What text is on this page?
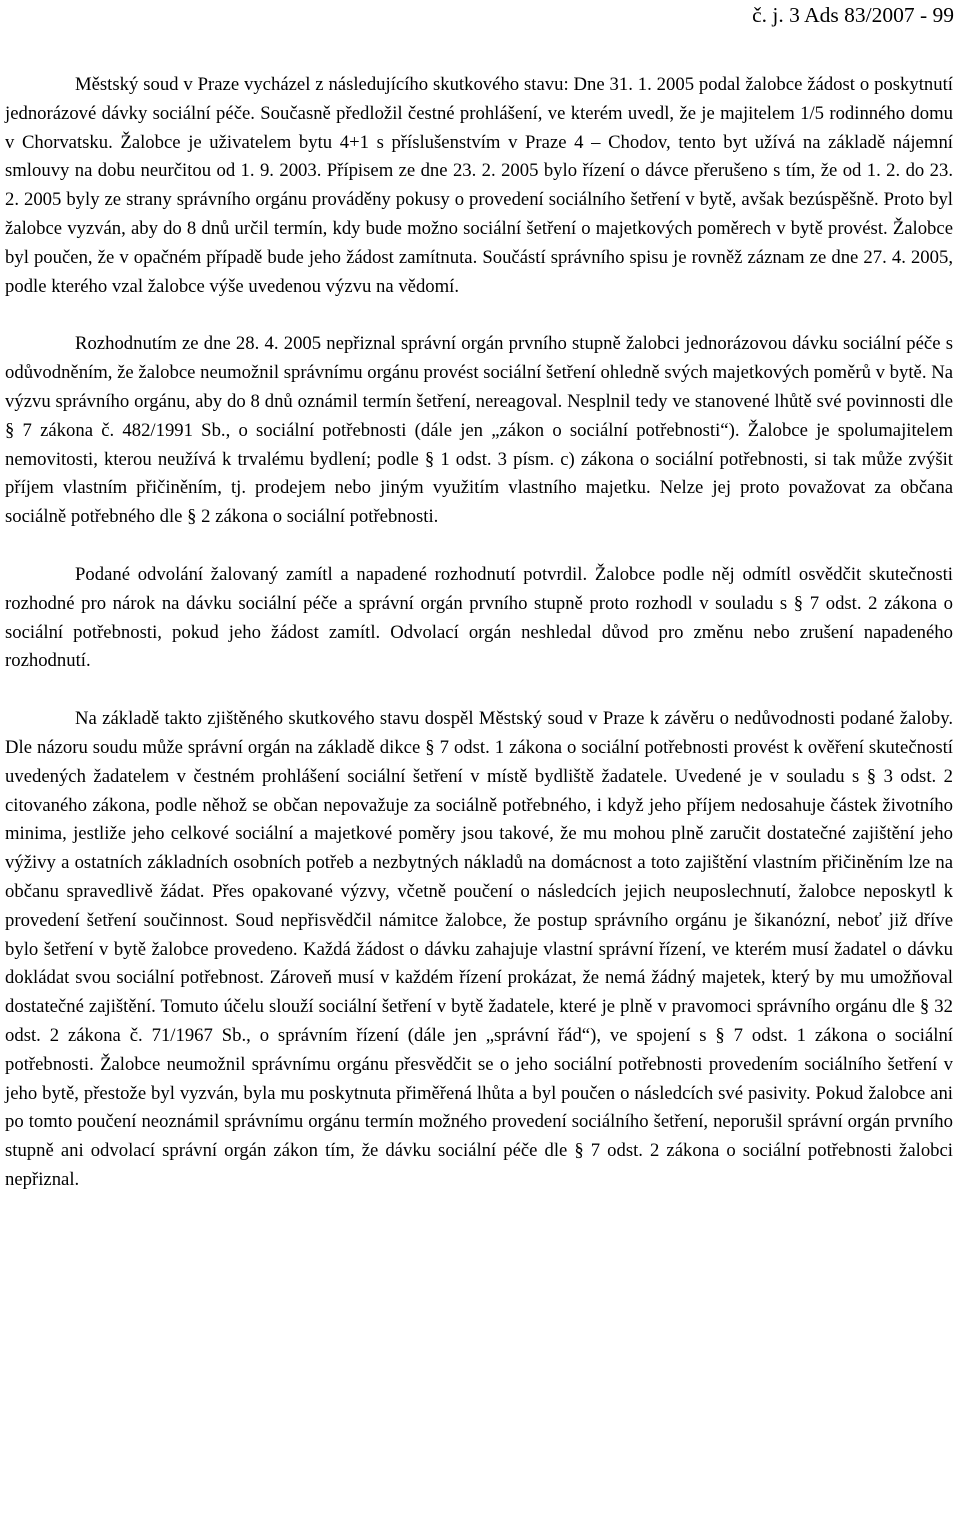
č. j. 3 Ads 83/2007 - 99

Městský soud v Praze vycházel z následujícího skutkového stavu: Dne 31. 1. 2005 podal žalobce žádost o poskytnutí jednorázové dávky sociální péče. Současně předložil čestné prohlášení, ve kterém uvedl, že je majitelem 1/5 rodinného domu v Chorvatsku. Žalobce je uživatelem bytu 4+1 s příslušenstvím v Praze 4 – Chodov, tento byt užívá na základě nájemní smlouvy na dobu neurčitou od 1. 9. 2003. Přípisem ze dne 23. 2. 2005 bylo řízení o dávce přerušeno s tím, že od 1. 2. do 23. 2. 2005 byly ze strany správního orgánu prováděny pokusy o provedení sociálního šetření v bytě, avšak bezúspěšně. Proto byl žalobce vyzván, aby do 8 dnů určil termín, kdy bude možno sociální šetření o majetkových poměrech v bytě provést. Žalobce byl poučen, že v opačném případě bude jeho žádost zamítnuta. Součástí správního spisu je rovněž záznam ze dne 27. 4. 2005, podle kterého vzal žalobce výše uvedenou výzvu na vědomí.

Rozhodnutím ze dne 28. 4. 2005 nepřiznal správní orgán prvního stupně žalobci jednorázovou dávku sociální péče s odůvodněním, že žalobce neumožnil správnímu orgánu provést sociální šetření ohledně svých majetkových poměrů v bytě. Na výzvu správního orgánu, aby do 8 dnů oznámil termín šetření, nereagoval. Nesplnil tedy ve stanovené lhůtě své povinnosti dle § 7 zákona č. 482/1991 Sb., o sociální potřebnosti (dále jen „zákon o sociální potřebnosti“). Žalobce je spolumajitelem nemovitosti, kterou neužívá k trvalému bydlení; podle § 1 odst. 3 písm. c) zákona o sociální potřebnosti, si tak může zvýšit příjem vlastním přičiněním, tj. prodejem nebo jiným využitím vlastního majetku. Nelze jej proto považovat za občana sociálně potřebného dle § 2 zákona o sociální potřebnosti.

Podané odvolání žalovaný zamítl a napadené rozhodnutí potvrdil. Žalobce podle něj odmítl osvědčit skutečnosti rozhodné pro nárok na dávku sociální péče a správní orgán prvního stupně proto rozhodl v souladu s § 7 odst. 2 zákona o sociální potřebnosti, pokud jeho žádost zamítl. Odvolací orgán neshledal důvod pro změnu nebo zrušení napadeného rozhodnutí.

Na základě takto zjištěného skutkového stavu dospěl Městský soud v Praze k závěru o nedůvodnosti podané žaloby. Dle názoru soudu může správní orgán na základě dikce § 7 odst. 1 zákona o sociální potřebnosti provést k ověření skutečností uvedených žadatelem v čestném prohlášení sociální šetření v místě bydliště žadatele. Uvedené je v souladu s § 3 odst. 2 citovaného zákona, podle něhož se občan nepovažuje za sociálně potřebného, i když jeho příjem nedosahuje částek životního minima, jestliže jeho celkové sociální a majetkové poměry jsou takové, že mu mohou plně zaručit dostatečné zajištění jeho výživy a ostatních základních osobních potřeb a nezbytných nákladů na domácnost a toto zajištění vlastním přičiněním lze na občanu spravedlivě žádat. Přes opakované výzvy, včetně poučení o následcích jejich neuposlechnutí, žalobce neposkytl k provedení šetření součinnost. Soud nepřisvědčil námitce žalobce, že postup správního orgánu je šikanózní, neboť již dříve bylo šetření v bytě žalobce provedeno. Každá žádost o dávku zahajuje vlastní správní řízení, ve kterém musí žadatel o dávku dokládat svou sociální potřebnost. Zároveň musí v každém řízení prokázat, že nemá žádný majetek, který by mu umožňoval dostatečné zajištění. Tomuto účelu slouží sociální šetření v bytě žadatele, které je plně v pravomoci správního orgánu dle § 32 odst. 2 zákona č. 71/1967 Sb., o správním řízení (dále jen „správní řád“), ve spojení s § 7 odst. 1 zákona o sociální potřebnosti. Žalobce neumožnil správnímu orgánu přesvědčit se o jeho sociální potřebnosti provedením sociálního šetření v jeho bytě, přestože byl vyzván, byla mu poskytnuta přiměřená lhůta a byl poučen o následcích své pasivity. Pokud žalobce ani po tomto poučení neoznámil správnímu orgánu termín možného provedení sociálního šetření, neporušil správní orgán prvního stupně ani odvolací správní orgán zákon tím, že dávku sociální péče dle § 7 odst. 2 zákona o sociální potřebnosti žalobci nepřiznal.
